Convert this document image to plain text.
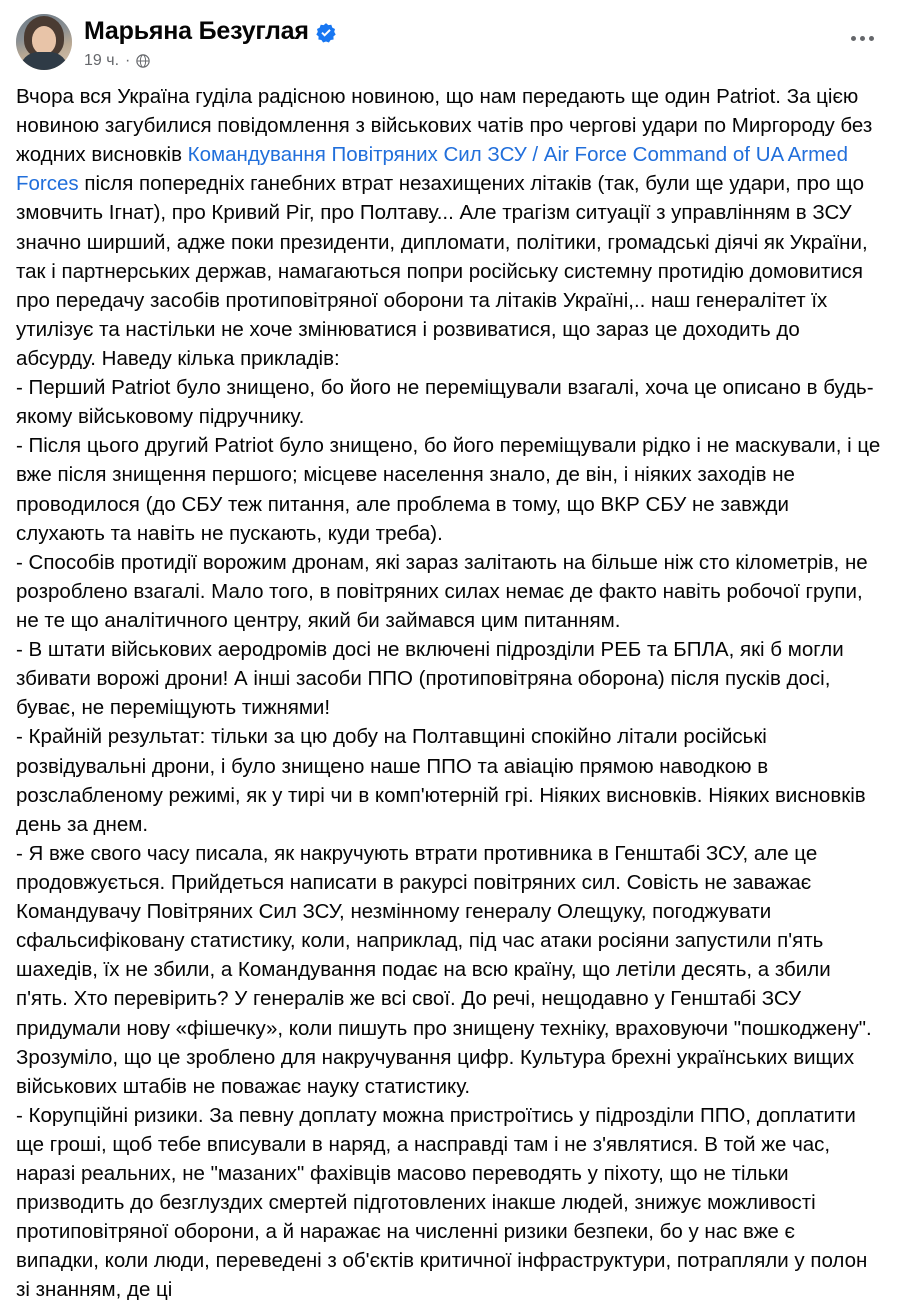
Марьяна Безуглая
19 ч. ·

Вчора вся Україна гуділа радісною новиною, що нам передають ще один Patriot. За цією новиною загубилися повідомлення з військових чатів про чергові удари по Миргороду без жодних висновків Командування Повітряних Сил ЗСУ / Air Force Command of UA Armed Forces після попередніх ганебних втрат незахищених літаків (так, були ще удари, про що змовчить Ігнат), про Кривий Ріг, про Полтаву... Але трагізм ситуації з управлінням в ЗСУ значно ширший, адже поки президенти, дипломати, політики, громадські діячі як України, так і партнерських держав, намагаються попри російську системну протидію домовитися про передачу засобів протиповітряної оборони та літаків Україні,.. наш генералітет їх утилізує та настільки не хоче змінюватися і розвиватися, що зараз це доходить до абсурду. Наведу кілька прикладів:

- Перший Patriot було знищено, бо його не переміщували взагалі, хоча це описано в будь-якому військовому підручнику.

- Після цього другий Patriot було знищено, бо його переміщували рідко і не маскували, і це вже після знищення першого; місцеве населення знало, де він, і ніяких заходів не проводилося (до СБУ теж питання, але проблема в тому, що ВКР СБУ не завжди слухають та навіть не пускають, куди треба).

- Способів протидії ворожим дронам, які зараз залітають на більше ніж сто кілометрів, не розроблено взагалі. Мало того, в повітряних силах немає де факто навіть робочої групи, не те що аналітичного центру, який би займався цим питанням.

- В штати військових аеродромів досі не включені підрозділи РЕБ та БПЛА, які б могли збивати ворожі дрони! А інші засоби ППО (протиповітряна оборона) після пусків досі, буває, не переміщують тижнями!

- Крайній результат: тільки за цю добу на Полтавщині спокійно літали російські розвідувальні дрони, і було знищено наше ППО та авіацію прямою наводкою в розслабленому режимі, як у тирі чи в комп'ютерній грі. Ніяких висновків. Ніяких висновків день за днем.

- Я вже свого часу писала, як накручують втрати противника в Генштабі ЗСУ, але це продовжується. Прийдеться написати в ракурсі повітряних сил. Совість не заважає Командувачу Повітряних Сил ЗСУ, незмінному генералу Олещуку, погоджувати сфальсифіковану статистику, коли, наприклад, під час атаки росіяни запустили п'ять шахедів, їх не збили, а Командування подає на всю країну, що летіли десять, а збили п'ять. Хто перевірить? У генералів же всі свої. До речі, нещодавно у Генштабі ЗСУ придумали нову «фішечку», коли пишуть про знищену техніку, враховуючи "пошкоджену". Зрозуміло, що це зроблено для накручування цифр. Культура брехні українських вищих військових штабів не поважає науку статистику.

- Корупційні ризики. За певну доплату можна пристроїтись у підрозділи ППО, доплатити ще гроші, щоб тебе вписували в наряд, а насправді там і не з'являтися. В той же час, наразі реальних, не "мазаних" фахівців масово переводять у піхоту, що не тільки призводить до безглуздих смертей підготовлених інакше людей, знижує можливості протиповітряної оборони, а й наражає на численні ризики безпеки, бо у нас вже є випадки, коли люди, переведені з об'єктів критичної інфраструктури, потрапляли у полон зі знанням, де ці
